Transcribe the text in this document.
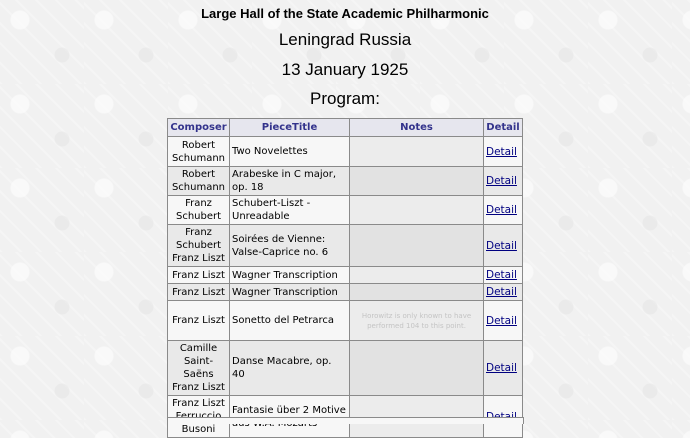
Large Hall of the State Academic Philharmonic
Leningrad Russia
13 January 1925
Program:
Composer	PieceTitle	Notes	Detail

Robert
Schumann	Two Novelettes		Detail

Robert
Schumann	Arabeske in C major, op. 18		Detail

Franz
Schubert	Schubert-Liszt - Unreadable		Detail

Franz
Schubert
Franz Liszt	Soirées de Vienne: Valse-Caprice no. 6		Detail

Franz Liszt	Wagner Transcription		Detail

Franz Liszt	Wagner Transcription		Detail

Franz Liszt	Sonetto del Petrarca	Horowitz is only known to have performed 104 to this point.	Detail

Camille
Saint-Saëns
Franz Liszt	Danse Macabre, op. 40		Detail

Franz Liszt
Busoni	Fantasie über 2 Motive		
